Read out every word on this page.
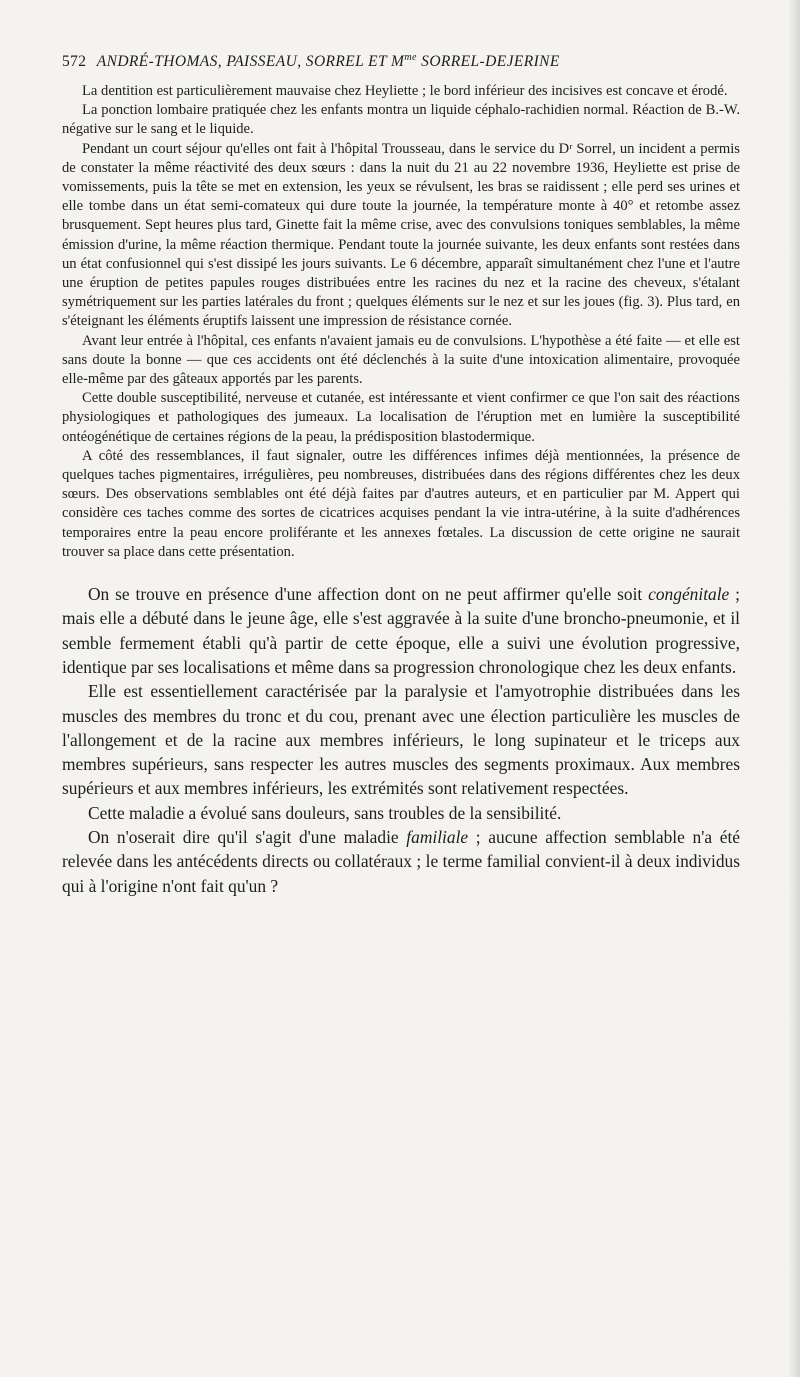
572 ANDRÉ-THOMAS, PAISSEAU, SORREL ET $M^{me}$ SORREL-DEJERINE

La dentition est particulièrement mauvaise chez Heyliette ; le bord inférieur des incisives est concave et érodé.

La ponction lombaire pratiquée chez les enfants montra un liquide céphalo-rachidien normal. Réaction de B.-W. négative sur le sang et le liquide.

Pendant un court séjour qu'elles ont fait à l'hôpital Trousseau, dans le service du Dʳ Sorrel, un incident a permis de constater la même réactivité des deux sœurs : dans la nuit du 21 au 22 novembre 1936, Heyliette est prise de vomissements, puis la tête se met en extension, les yeux se révulsent, les bras se raidissent ; elle perd ses urines et elle tombe dans un état semi-comateux qui dure toute la journée, la température monte à 40° et retombe assez brusquement. Sept heures plus tard, Ginette fait la même crise, avec des convulsions toniques semblables, la même émission d'urine, la même réaction thermique. Pendant toute la journée suivante, les deux enfants sont restées dans un état confusionnel qui s'est dissipé les jours suivants. Le 6 décembre, apparaît simultanément chez l'une et l'autre une éruption de petites papules rouges distribuées entre les racines du nez et la racine des cheveux, s'étalant symétriquement sur les parties latérales du front ; quelques éléments sur le nez et sur les joues (fig. 3). Plus tard, en s'éteignant les éléments éruptifs laissent une impression de résistance cornée.

Avant leur entrée à l'hôpital, ces enfants n'avaient jamais eu de convulsions. L'hypothèse a été faite — et elle est sans doute la bonne — que ces accidents ont été déclenchés à la suite d'une intoxication alimentaire, provoquée elle-même par des gâteaux apportés par les parents.

Cette double susceptibilité, nerveuse et cutanée, est intéressante et vient confirmer ce que l'on sait des réactions physiologiques et pathologiques des jumeaux. La localisation de l'éruption met en lumière la susceptibilité ontéogénétique de certaines régions de la peau, la prédisposition blastodermique.

A côté des ressemblances, il faut signaler, outre les différences infimes déjà mentionnées, la présence de quelques taches pigmentaires, irrégulières, peu nombreuses, distribuées dans des régions différentes chez les deux sœurs. Des observations semblables ont été déjà faites par d'autres auteurs, et en particulier par M. Appert qui considère ces taches comme des sortes de cicatrices acquises pendant la vie intra-utérine, à la suite d'adhérences temporaires entre la peau encore proliférante et les annexes fœtales. La discussion de cette origine ne saurait trouver sa place dans cette présentation.

On se trouve en présence d'une affection dont on ne peut affirmer qu'elle soit congénitale ; mais elle a débuté dans le jeune âge, elle s'est aggravée à la suite d'une broncho-pneumonie, et il semble fermement établi qu'à partir de cette époque, elle a suivi une évolution progressive, identique par ses localisations et même dans sa progression chronologique chez les deux enfants.

Elle est essentiellement caractérisée par la paralysie et l'amyotrophie distribuées dans les muscles des membres du tronc et du cou, prenant avec une élection particulière les muscles de l'allongement et de la racine aux membres inférieurs, le long supinateur et le triceps aux membres supérieurs, sans respecter les autres muscles des segments proximaux. Aux membres supérieurs et aux membres inférieurs, les extrémités sont relativement respectées.

Cette maladie a évolué sans douleurs, sans troubles de la sensibilité.

On n'oserait dire qu'il s'agit d'une maladie familiale ; aucune affection semblable n'a été relevée dans les antécédents directs ou collatéraux ; le terme familial convient-il à deux individus qui à l'origine n'ont fait qu'un ?
